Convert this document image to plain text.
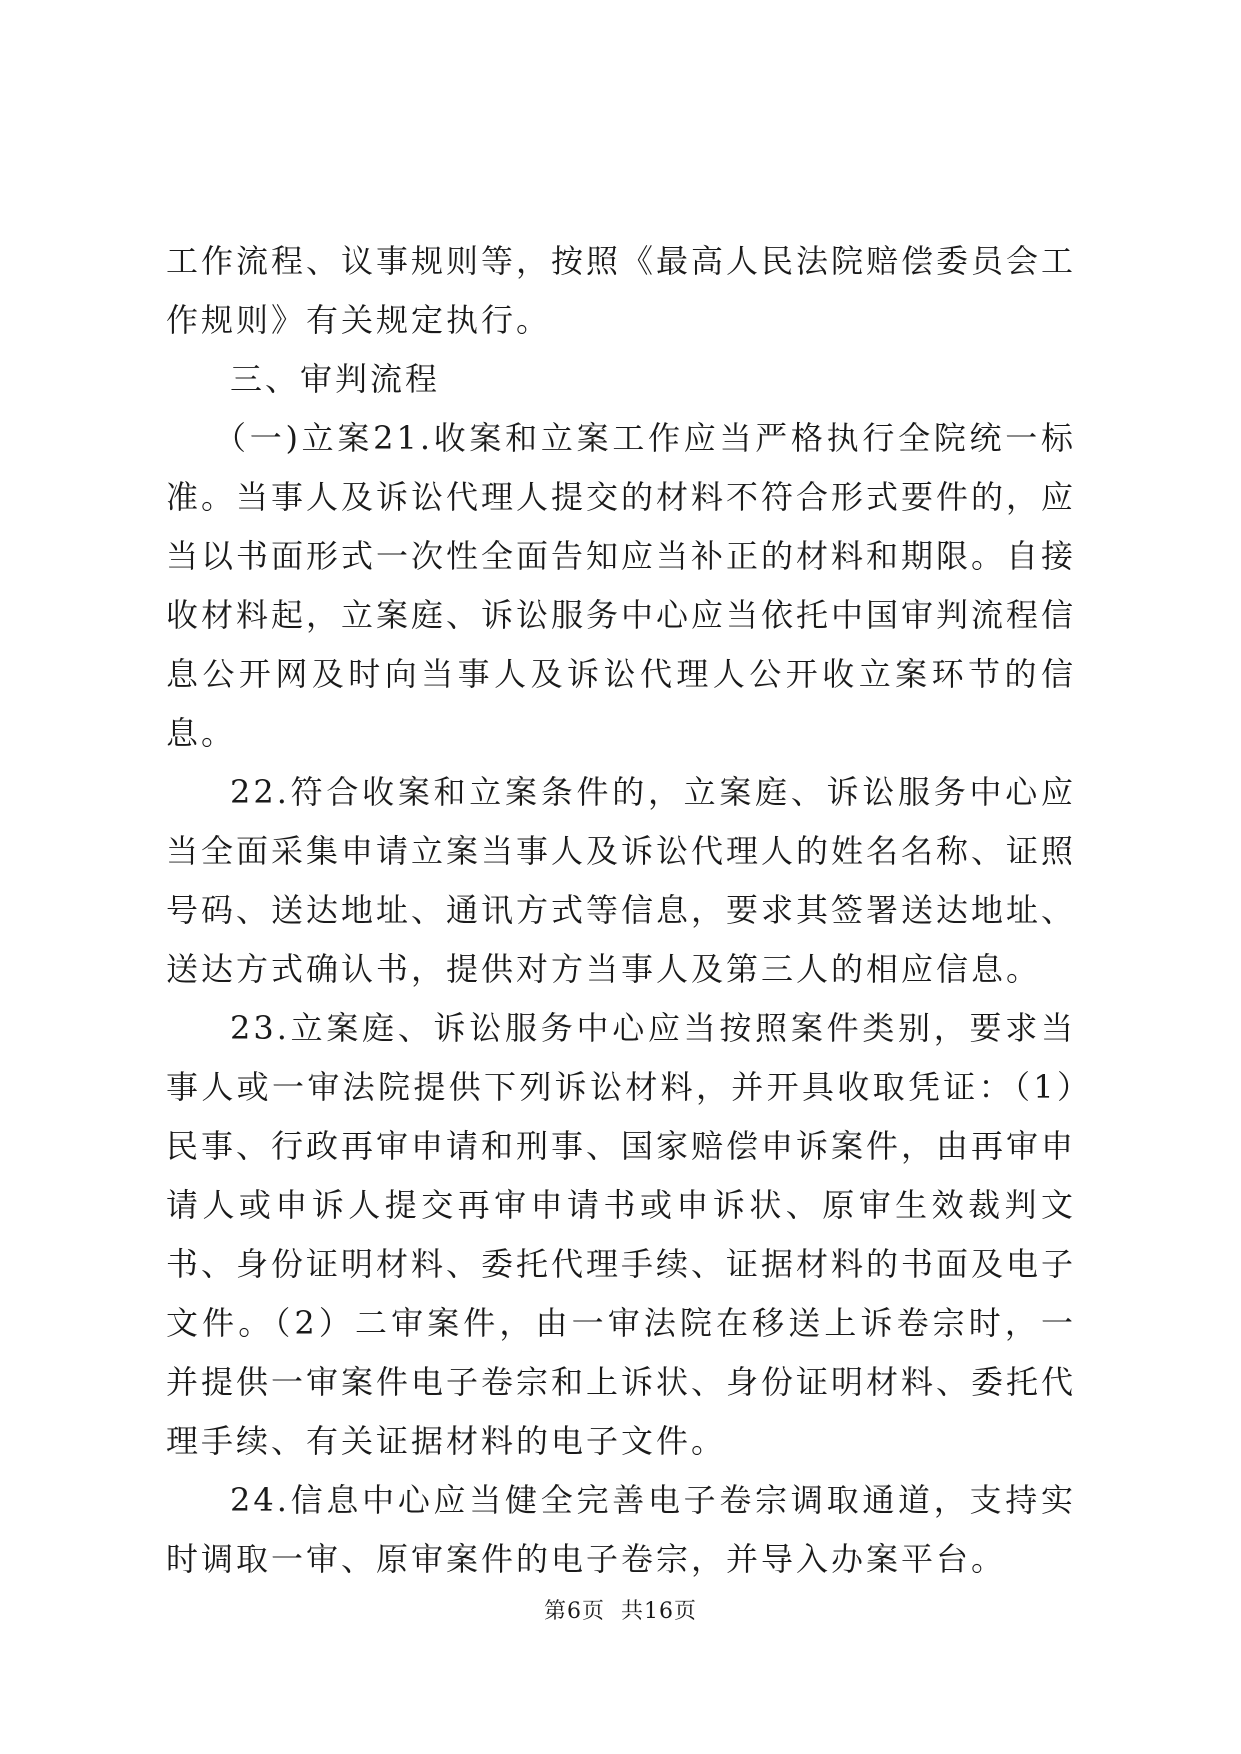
工作流程、议事规则等，按照《最高人民法院赔偿委员会工作规则》有关规定执行。

三、审判流程

（一)立案21.收案和立案工作应当严格执行全院统一标准。当事人及诉讼代理人提交的材料不符合形式要件的，应当以书面形式一次性全面告知应当补正的材料和期限。自接收材料起，立案庭、诉讼服务中心应当依托中国审判流程信息公开网及时向当事人及诉讼代理人公开收立案环节的信息。

22.符合收案和立案条件的，立案庭、诉讼服务中心应当全面采集申请立案当事人及诉讼代理人的姓名名称、证照号码、送达地址、通讯方式等信息，要求其签署送达地址、送达方式确认书，提供对方当事人及第三人的相应信息。

23.立案庭、诉讼服务中心应当按照案件类别，要求当事人或一审法院提供下列诉讼材料，并开具收取凭证：（1）民事、行政再审申请和刑事、国家赔偿申诉案件，由再审申请人或申诉人提交再审申请书或申诉状、原审生效裁判文书、身份证明材料、委托代理手续、证据材料的书面及电子文件。（2）二审案件，由一审法院在移送上诉卷宗时，一并提供一审案件电子卷宗和上诉状、身份证明材料、委托代理手续、有关证据材料的电子文件。

24.信息中心应当健全完善电子卷宗调取通道，支持实时调取一审、原审案件的电子卷宗，并导入办案平台。

第6页 共16页
